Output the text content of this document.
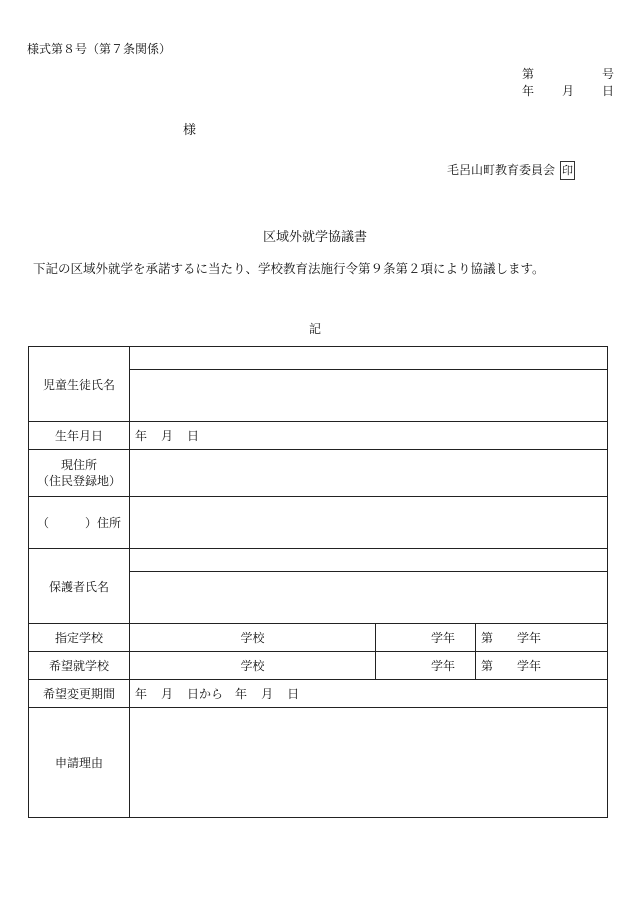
様式第８号（第７条関係）
第	号
年 月 日
様
毛呂山町教育委員会 印
区域外就学協議書
下記の区域外就学を承諾するに当たり、学校教育法施行令第９条第２項により協議します。
記
児童生徒氏名			

生年月日	年 月 日		

現住所
（住民登録地）			

（ ）住所			
保護者氏名			

指定学校	学校	学年	第 学年
希望就学校	学校	学年	第 学年
希望変更期間	年 月 日から 年 月 日		
申請理由			
